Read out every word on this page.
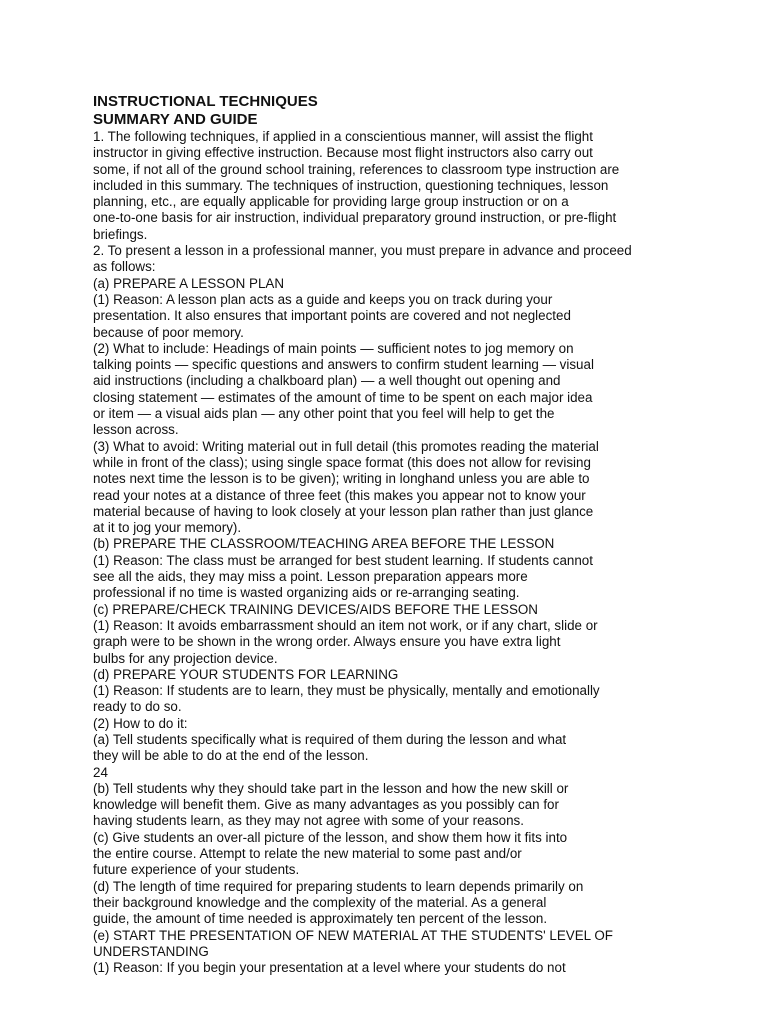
INSTRUCTIONAL TECHNIQUES
SUMMARY AND GUIDE
1. The following techniques, if applied in a conscientious manner, will assist the flight
instructor in giving effective instruction. Because most flight instructors also carry out
some, if not all of the ground school training, references to classroom type instruction are
included in this summary. The techniques of instruction, questioning techniques, lesson
planning, etc., are equally applicable for providing large group instruction or on a
one-to-one basis for air instruction, individual preparatory ground instruction, or pre-flight
briefings.
2. To present a lesson in a professional manner, you must prepare in advance and proceed
as follows:
(a) PREPARE A LESSON PLAN
(1) Reason: A lesson plan acts as a guide and keeps you on track during your
presentation. It also ensures that important points are covered and not neglected
because of poor memory.
(2) What to include: Headings of main points — sufficient notes to jog memory on
talking points — specific questions and answers to confirm student learning — visual
aid instructions (including a chalkboard plan) — a well thought out opening and
closing statement — estimates of the amount of time to be spent on each major idea
or item — a visual aids plan — any other point that you feel will help to get the
lesson across.
(3) What to avoid: Writing material out in full detail (this promotes reading the material
while in front of the class); using single space format (this does not allow for revising
notes next time the lesson is to be given); writing in longhand unless you are able to
read your notes at a distance of three feet (this makes you appear not to know your
material because of having to look closely at your lesson plan rather than just glance
at it to jog your memory).
(b) PREPARE THE CLASSROOM/TEACHING AREA BEFORE THE LESSON
(1) Reason: The class must be arranged for best student learning. If students cannot
see all the aids, they may miss a point. Lesson preparation appears more
professional if no time is wasted organizing aids or re-arranging seating.
(c) PREPARE/CHECK TRAINING DEVICES/AIDS BEFORE THE LESSON
(1) Reason: It avoids embarrassment should an item not work, or if any chart, slide or
graph were to be shown in the wrong order. Always ensure you have extra light
bulbs for any projection device.
(d) PREPARE YOUR STUDENTS FOR LEARNING
(1) Reason: If students are to learn, they must be physically, mentally and emotionally
ready to do so.
(2) How to do it:
(a) Tell students specifically what is required of them during the lesson and what
they will be able to do at the end of the lesson.
24
(b) Tell students why they should take part in the lesson and how the new skill or
knowledge will benefit them. Give as many advantages as you possibly can for
having students learn, as they may not agree with some of your reasons.
(c) Give students an over-all picture of the lesson, and show them how it fits into
the entire course. Attempt to relate the new material to some past and/or
future experience of your students.
(d) The length of time required for preparing students to learn depends primarily on
their background knowledge and the complexity of the material. As a general
guide, the amount of time needed is approximately ten percent of the lesson.
(e) START THE PRESENTATION OF NEW MATERIAL AT THE STUDENTS' LEVEL OF
UNDERSTANDING
(1) Reason: If you begin your presentation at a level where your students do not
